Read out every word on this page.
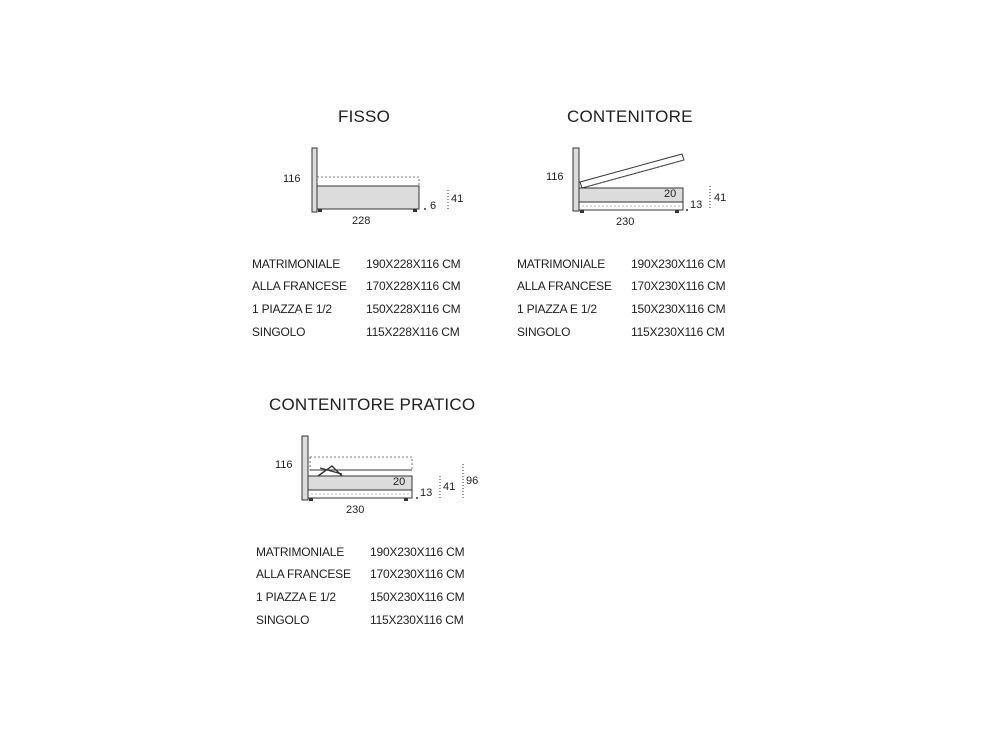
FISSO
116
228
6
41
MATRIMONIALE 190X228X116 CM
ALLA FRANCESE 170X228X116 CM
1 PIAZZA E 1/2	150X228X116 CM
SINGOLO	115X228X116 CM
CONTENITORE
116
20
230
13
41
MATRIMONIALE 190X230X116 CM
ALLA FRANCESE 170X230X116 CM
1 PIAZZA E 1/2	150X230X116 CM
SINGOLO	115X230X116 CM
CONTENITORE PRATICO
116
20
230
13 41 96
MATRIMONIALE 190X230X116 CM
ALLA FRANCESE 170X230X116 CM
1 PIAZZA E 1/2	150X230X116 CM
SINGOLO	115X230X116 CM
